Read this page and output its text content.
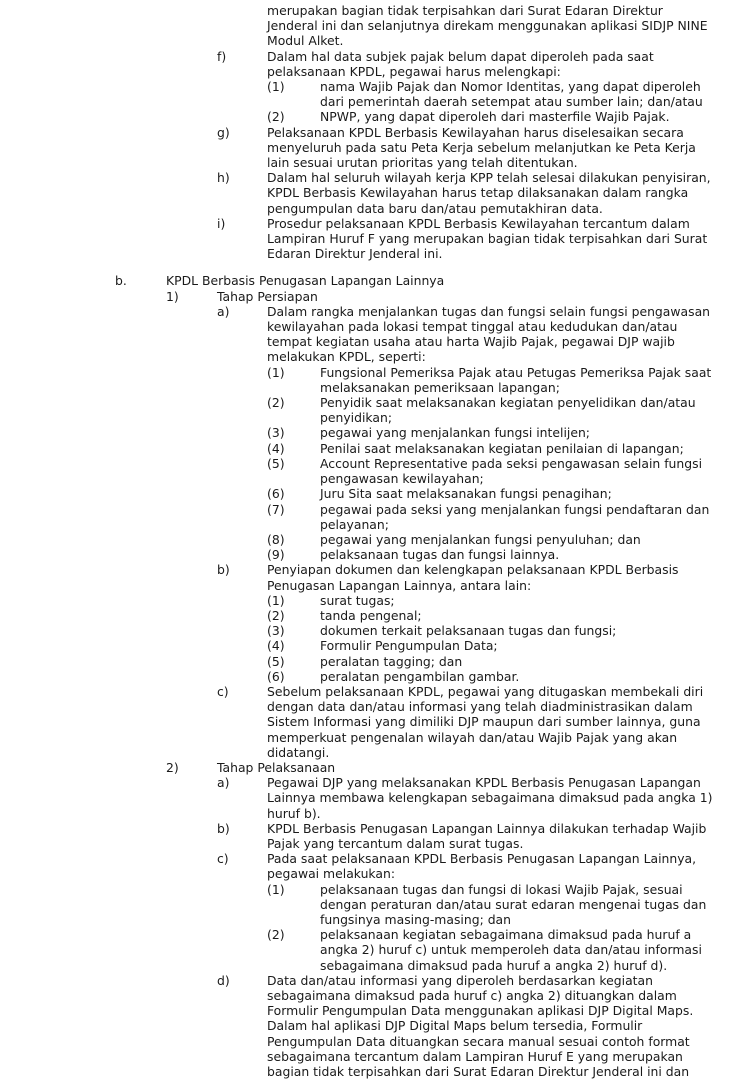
merupakan bagian tidak terpisahkan dari Surat Edaran Direktur Jenderal ini dan selanjutnya direkam menggunakan aplikasi SIDJP NINE Modul Alket.
f)	Dalam hal data subjek pajak belum dapat diperoleh pada saat pelaksanaan KPDL, pegawai harus melengkapi:
(1)	nama Wajib Pajak dan Nomor Identitas, yang dapat diperoleh dari pemerintah daerah setempat atau sumber lain; dan/atau
(2)	NPWP, yang dapat diperoleh dari masterfile Wajib Pajak.
g)	Pelaksanaan KPDL Berbasis Kewilayahan harus diselesaikan secara menyeluruh pada satu Peta Kerja sebelum melanjutkan ke Peta Kerja lain sesuai urutan prioritas yang telah ditentukan.
h)	Dalam hal seluruh wilayah kerja KPP telah selesai dilakukan penyisiran, KPDL Berbasis Kewilayahan harus tetap dilaksanakan dalam rangka pengumpulan data baru dan/atau pemutakhiran data.
i)	Prosedur pelaksanaan KPDL Berbasis Kewilayahan tercantum dalam Lampiran Huruf F yang merupakan bagian tidak terpisahkan dari Surat Edaran Direktur Jenderal ini.
b.	KPDL Berbasis Penugasan Lapangan Lainnya
1)	Tahap Persiapan
a)	Dalam rangka menjalankan tugas dan fungsi selain fungsi pengawasan kewilayahan pada lokasi tempat tinggal atau kedudukan dan/atau tempat kegiatan usaha atau harta Wajib Pajak, pegawai DJP wajib melakukan KPDL, seperti:
(1)	Fungsional Pemeriksa Pajak atau Petugas Pemeriksa Pajak saat melaksanakan pemeriksaan lapangan;
(2)	Penyidik saat melaksanakan kegiatan penyelidikan dan/atau penyidikan;
(3)	pegawai yang menjalankan fungsi intelijen;
(4)	Penilai saat melaksanakan kegiatan penilaian di lapangan;
(5)	Account Representative pada seksi pengawasan selain fungsi pengawasan kewilayahan;
(6)	Juru Sita saat melaksanakan fungsi penagihan;
(7)	pegawai pada seksi yang menjalankan fungsi pendaftaran dan pelayanan;
(8)	pegawai yang menjalankan fungsi penyuluhan; dan
(9)	pelaksanaan tugas dan fungsi lainnya.
b)	Penyiapan dokumen dan kelengkapan pelaksanaan KPDL Berbasis Penugasan Lapangan Lainnya, antara lain:
(1)	surat tugas;
(2)	tanda pengenal;
(3)	dokumen terkait pelaksanaan tugas dan fungsi;
(4)	Formulir Pengumpulan Data;
(5)	peralatan tagging; dan
(6)	peralatan pengambilan gambar.
c)	Sebelum pelaksanaan KPDL, pegawai yang ditugaskan membekali diri dengan data dan/atau informasi yang telah diadministrasikan dalam Sistem Informasi yang dimiliki DJP maupun dari sumber lainnya, guna memperkuat pengenalan wilayah dan/atau Wajib Pajak yang akan didatangi.
2)	Tahap Pelaksanaan
a)	Pegawai DJP yang melaksanakan KPDL Berbasis Penugasan Lapangan Lainnya membawa kelengkapan sebagaimana dimaksud pada angka 1) huruf b).
b)	KPDL Berbasis Penugasan Lapangan Lainnya dilakukan terhadap Wajib Pajak yang tercantum dalam surat tugas.
c)	Pada saat pelaksanaan KPDL Berbasis Penugasan Lapangan Lainnya, pegawai melakukan:
(1)	pelaksanaan tugas dan fungsi di lokasi Wajib Pajak, sesuai dengan peraturan dan/atau surat edaran mengenai tugas dan fungsinya masing-masing; dan
(2)	pelaksanaan kegiatan sebagaimana dimaksud pada huruf a angka 2) huruf c) untuk memperoleh data dan/atau informasi sebagaimana dimaksud pada huruf a angka 2) huruf d).
d)	Data dan/atau informasi yang diperoleh berdasarkan kegiatan sebagaimana dimaksud pada huruf c) angka 2) dituangkan dalam Formulir Pengumpulan Data menggunakan aplikasi DJP Digital Maps. Dalam hal aplikasi DJP Digital Maps belum tersedia, Formulir Pengumpulan Data dituangkan secara manual sesuai contoh format sebagaimana tercantum dalam Lampiran Huruf E yang merupakan bagian tidak terpisahkan dari Surat Edaran Direktur Jenderal ini dan
